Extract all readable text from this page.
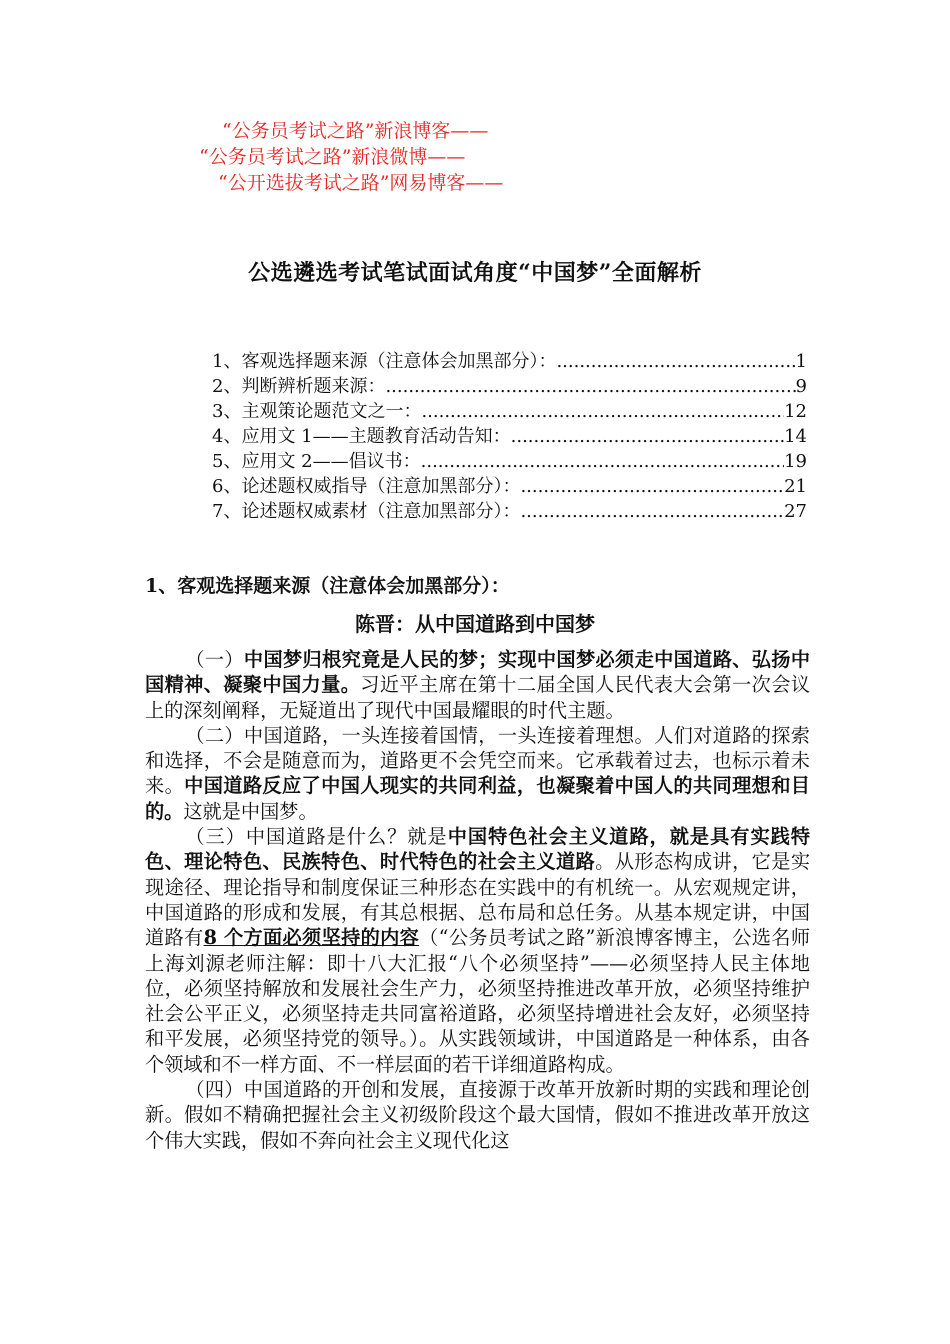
“公务员考试之路”新浪博客——
“公务员考试之路”新浪微博——
“公开选拔考试之路”网易博客——
公选遴选考试笔试面试角度“中国梦”全面解析
1、客观选择题来源（注意体会加黑部分）： .....	1
2、判断辨析题来源： .....	9
3、主观策论题范文之一： .....	12
4、应用文 1——主题教育活动告知： .....	14
5、应用文 2——倡议书： .....	19
6、论述题权威指导（注意加黑部分）： .....	21
7、论述题权威素材（注意加黑部分）： .....	27
1、客观选择题来源（注意体会加黑部分）：
陈晋：从中国道路到中国梦

（一）中国梦归根究竟是人民的梦；实现中国梦必须走中国道路、弘扬中国精神、凝聚中国力量。习近平主席在第十二届全国人民代表大会第一次会议上的深刻阐释，无疑道出了现代中国最耀眼的时代主题。

（二）中国道路，一头连接着国情，一头连接着理想。人们对道路的探索和选择，不会是随意而为，道路更不会凭空而来。它承载着过去，也标示着未来。中国道路反应了中国人现实的共同利益，也凝聚着中国人的共同理想和目的。这就是中国梦。

（三）中国道路是什么？就是中国特色社会主义道路，就是具有实践特色、理论特色、民族特色、时代特色的社会主义道路。从形态构成讲，它是实现途径、理论指导和制度保证三种形态在实践中的有机统一。从宏观规定讲，中国道路的形成和发展，有其总根据、总布局和总任务。从基本规定讲，中国道路有8 个方面必须坚持的内容（“公务员考试之路”新浪博客博主，公选名师上海刘源老师注解：即十八大汇报“八个必须坚持”——必须坚持人民主体地位，必须坚持解放和发展社会生产力，必须坚持推进改革开放，必须坚持维护社会公平正义，必须坚持走共同富裕道路，必须坚持增进社会友好，必须坚持和平发展，必须坚持党的领导。）。从实践领域讲，中国道路是一种体系，由各个领域和不一样方面、不一样层面的若干详细道路构成。

（四）中国道路的开创和发展，直接源于改革开放新时期的实践和理论创新。假如不精确把握社会主义初级阶段这个最大国情，假如不推进改革开放这个伟大实践，假如不奔向社会主义现代化这
